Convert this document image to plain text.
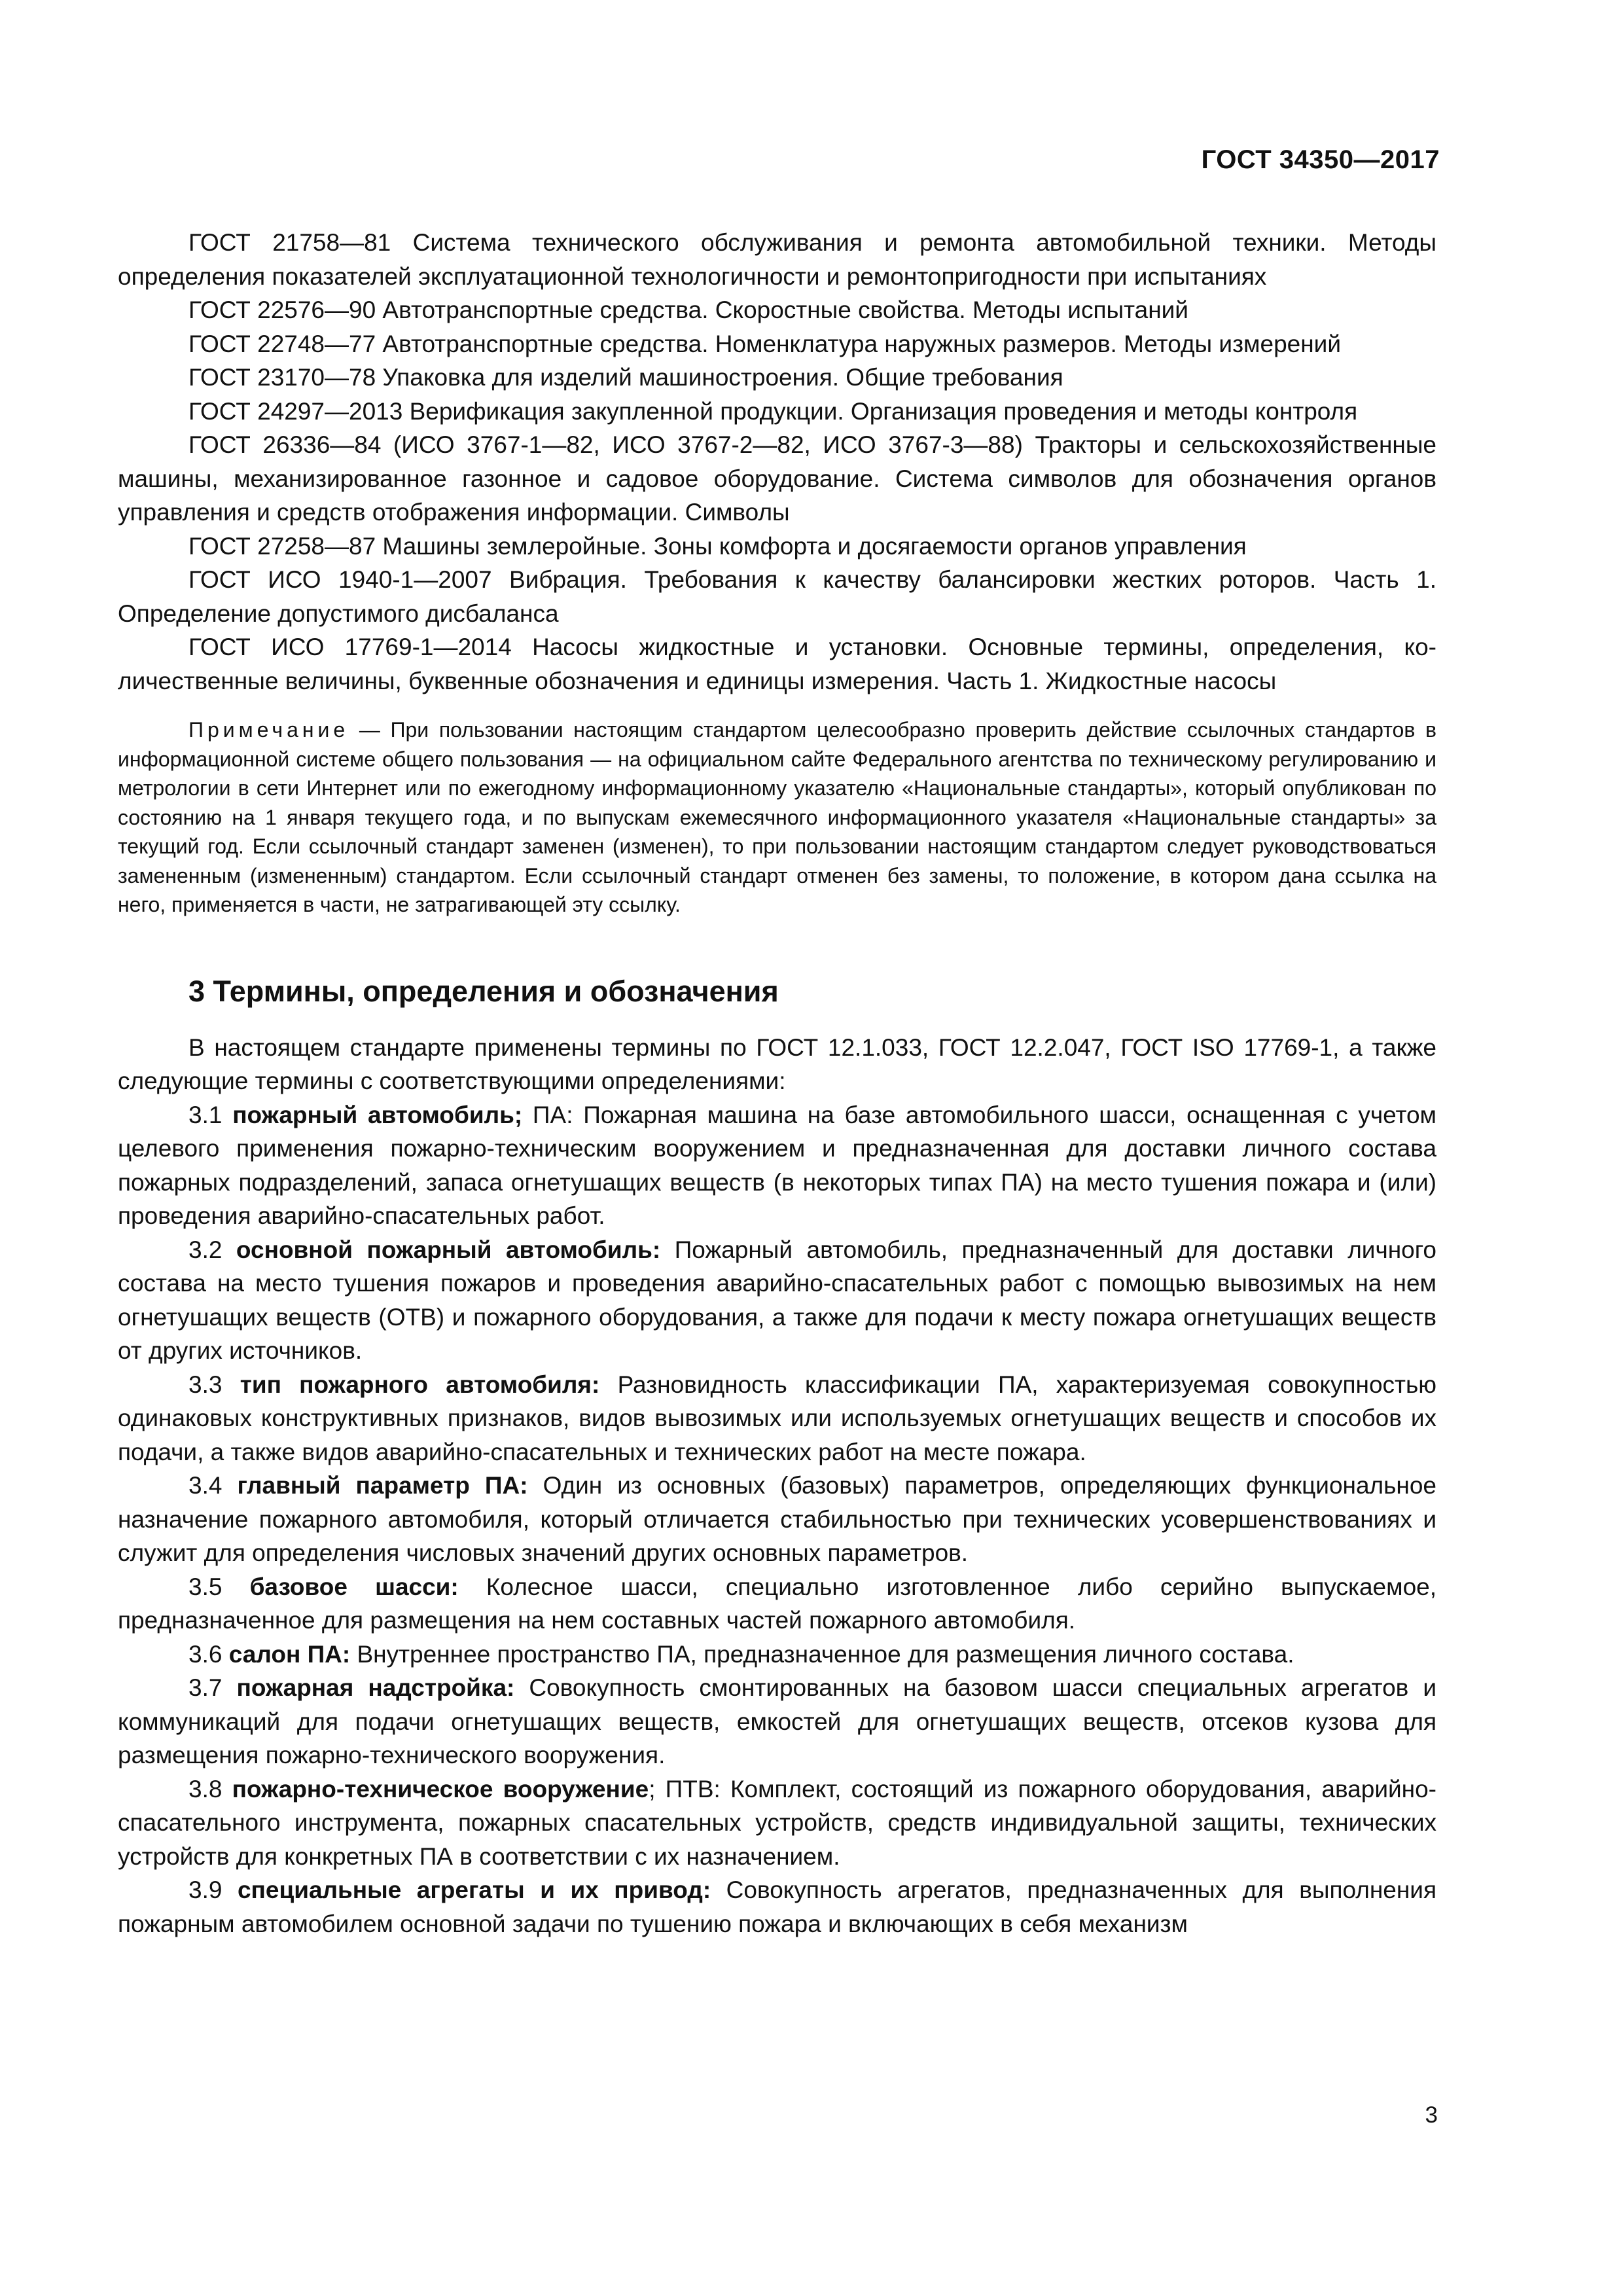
ГОСТ 34350—2017

ГОСТ 21758—81 Система технического обслуживания и ремонта автомобильной техники. Методы определения показателей эксплуатационной технологичности и ремонтопригодности при испытаниях

ГОСТ 22576—90 Автотранспортные средства. Скоростные свойства. Методы испытаний

ГОСТ 22748—77 Автотранспортные средства. Номенклатура наружных размеров. Методы измерений

ГОСТ 23170—78 Упаковка для изделий машиностроения. Общие требования

ГОСТ 24297—2013 Верификация закупленной продукции. Организация проведения и методы контроля

ГОСТ 26336—84 (ИСО 3767-1—82, ИСО 3767-2—82, ИСО 3767-3—88) Тракторы и сельскохозяйственные машины, механизированное газонное и садовое оборудование. Система символов для обозначения органов управления и средств отображения информации. Символы

ГОСТ 27258—87 Машины землеройные. Зоны комфорта и досягаемости органов управления

ГОСТ ИСО 1940-1—2007 Вибрация. Требования к качеству балансировки жестких роторов. Часть 1. Определение допустимого дисбаланса

ГОСТ ИСО 17769-1—2014 Насосы жидкостные и установки. Основные термины, определения, количественные величины, буквенные обозначения и единицы измерения. Часть 1. Жидкостные насосы

Примечание — При пользовании настоящим стандартом целесообразно проверить действие ссылочных стандартов в информационной системе общего пользования — на официальном сайте Федерального агентства по техническому регулированию и метрологии в сети Интернет или по ежегодному информационному указателю «Национальные стандарты», который опубликован по состоянию на 1 января текущего года, и по выпускам ежемесячного информационного указателя «Национальные стандарты» за текущий год. Если ссылочный стандарт заменен (изменен), то при пользовании настоящим стандартом следует руководствоваться замененным (измененным) стандартом. Если ссылочный стандарт отменен без замены, то положение, в котором дана ссылка на него, применяется в части, не затрагивающей эту ссылку.
3 Термины, определения и обозначения

В настоящем стандарте применены термины по ГОСТ 12.1.033, ГОСТ 12.2.047, ГОСТ ISO 17769-1, а также следующие термины с соответствующими определениями:

3.1 пожарный автомобиль; ПА: Пожарная машина на базе автомобильного шасси, оснащенная с учетом целевого применения пожарно-техническим вооружением и предназначенная для доставки личного состава пожарных подразделений, запаса огнетушащих веществ (в некоторых типах ПА) на место тушения пожара и (или) проведения аварийно-спасательных работ.

3.2 основной пожарный автомобиль: Пожарный автомобиль, предназначенный для доставки личного состава на место тушения пожаров и проведения аварийно-спасательных работ с помощью вывозимых на нем огнетушащих веществ (ОТВ) и пожарного оборудования, а также для подачи к месту пожара огнетушащих веществ от других источников.

3.3 тип пожарного автомобиля: Разновидность классификации ПА, характеризуемая совокупностью одинаковых конструктивных признаков, видов вывозимых или используемых огнетушащих веществ и способов их подачи, а также видов аварийно-спасательных и технических работ на месте пожара.

3.4 главный параметр ПА: Один из основных (базовых) параметров, определяющих функциональное назначение пожарного автомобиля, который отличается стабильностью при технических усовершенствованиях и служит для определения числовых значений других основных параметров.

3.5 базовое шасси: Колесное шасси, специально изготовленное либо серийно выпускаемое, предназначенное для размещения на нем составных частей пожарного автомобиля.

3.6 салон ПА: Внутреннее пространство ПА, предназначенное для размещения личного состава.

3.7 пожарная надстройка: Совокупность смонтированных на базовом шасси специальных агрегатов и коммуникаций для подачи огнетушащих веществ, емкостей для огнетушащих веществ, отсеков кузова для размещения пожарно-технического вооружения.

3.8 пожарно-техническое вооружение; ПТВ: Комплект, состоящий из пожарного оборудования, аварийно-спасательного инструмента, пожарных спасательных устройств, средств индивидуальной защиты, технических устройств для конкретных ПА в соответствии с их назначением.

3.9 специальные агрегаты и их привод: Совокупность агрегатов, предназначенных для выполнения пожарным автомобилем основной задачи по тушению пожара и включающих в себя механизм

3
